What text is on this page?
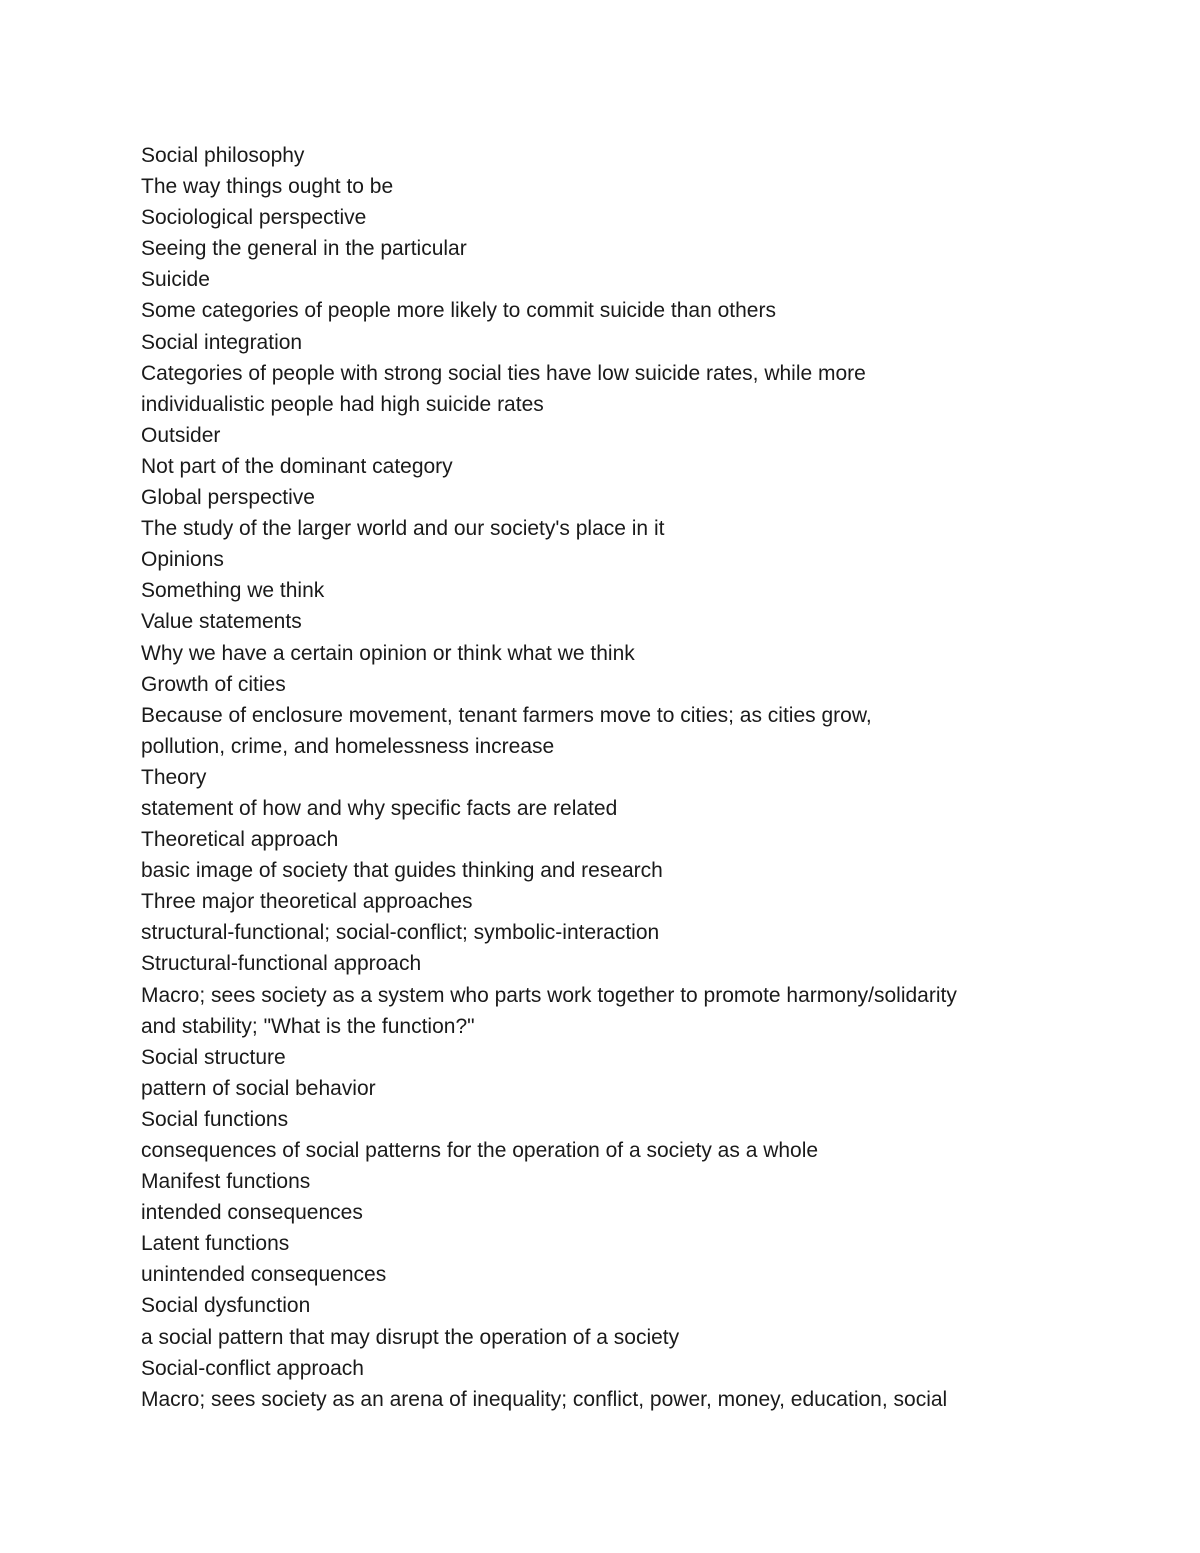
Social philosophy
The way things ought to be
Sociological perspective
Seeing the general in the particular
Suicide
Some categories of people more likely to commit suicide than others
Social integration
Categories of people with strong social ties have low suicide rates, while more
individualistic people had high suicide rates
Outsider
Not part of the dominant category
Global perspective
The study of the larger world and our society's place in it
Opinions
Something we think
Value statements
Why we have a certain opinion or think what we think
Growth of cities
Because of enclosure movement, tenant farmers move to cities; as cities grow,
pollution, crime, and homelessness increase
Theory
statement of how and why specific facts are related
Theoretical approach
basic image of society that guides thinking and research
Three major theoretical approaches
structural-functional; social-conflict; symbolic-interaction
Structural-functional approach
Macro; sees society as a system who parts work together to promote harmony/solidarity
and stability; "What is the function?"
Social structure
pattern of social behavior
Social functions
consequences of social patterns for the operation of a society as a whole
Manifest functions
intended consequences
Latent functions
unintended consequences
Social dysfunction
a social pattern that may disrupt the operation of a society
Social-conflict approach
Macro; sees society as an arena of inequality; conflict, power, money, education, social
